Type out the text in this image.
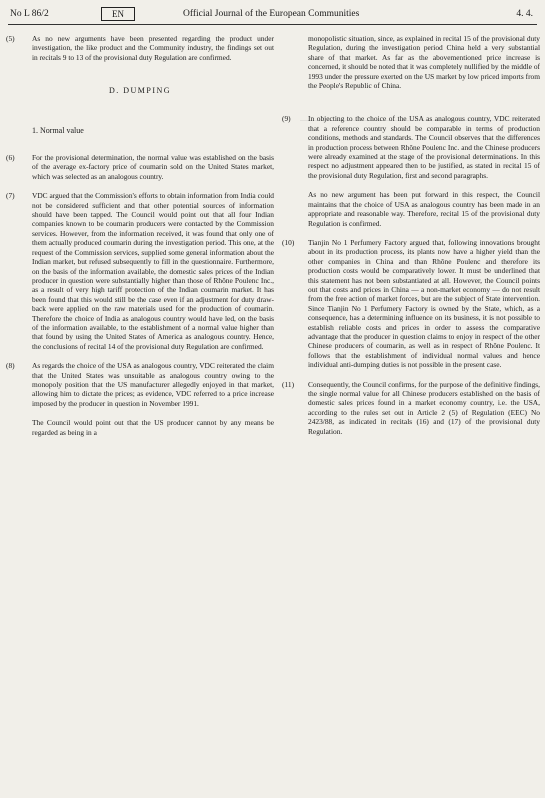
No L 86/2	EN	Official Journal of the European Communities	4. 4.
(5) As no new arguments have been presented regarding the product under investigation, the like product and the Community industry, the findings set out in recitals 9 to 13 of the provisional duty Regulation are confirmed.
D. DUMPING
1. Normal value
(6) For the provisional determination, the normal value was established on the basis of the average ex-factory price of coumarin sold on the United States market, which was selected as an analogous country.
(7) VDC argued that the Commission's efforts to obtain information from India could not be considered sufficient and that other potential sources of information should have been tapped. The Council would point out that all four Indian companies known to be coumarin producers were contacted by the Commission services. However, from the information received, it was found that only one of them actually produced coumarin during the investigation period. This one, at the request of the Commission services, supplied some general information about the Indian market, but refused subsequently to fill in the questionnaire. Furthermore, on the basis of the information available, the domestic sales prices of the Indian producer in question were substantially higher than those of Rhône Poulenc Inc., as a result of very high tariff protection of the Indian coumarin market. It has been found that this would still be the case even if an adjustment for duty draw-back were applied on the raw materials used for the production of coumarin. Therefore the choice of India as analogous country would have led, on the basis of the information available, to the establishment of a normal value higher than that found by using the United States of America as analogous country. Hence, the conclusions of recital 14 of the provisional duty Regulation are confirmed.
(8) As regards the choice of the USA as analogous country, VDC reiterated the claim that the United States was unsuitable as analogous country owing to the monopoly position that the US manufacturer allegedly enjoyed in that market, allowing him to dictate the prices; as evidence, VDC referred to a price increase imposed by the producer in question in November 1991.
The Council would point out that the US producer cannot by any means be regarded as being in a
monopolistic situation, since, as explained in recital 15 of the provisional duty Regulation, during the investigation period China held a very substantial share of that market. As far as the abovementioned price increase is concerned, it should be noted that it was completely nullified by the middle of 1993 under the pressure exerted on the US market by low priced imports from the People's Republic of China.
(9) In objecting to the choice of the USA as analogous country, VDC reiterated that a reference country should be comparable in terms of production conditions, methods and standards. The Council observes that the differences in production process between Rhône Poulenc Inc. and the Chinese producers were already examined at the stage of the provisional determinations. In this respect no adjustment appeared then to be justified, as stated in recital 15 of the provisional duty Regulation, first and second paragraphs.
As no new argument has been put forward in this respect, the Council maintains that the choice of USA as analogous country has been made in an appropriate and reasonable way. Therefore, recital 15 of the provisional duty Regulation is confirmed.
(10) Tianjin No 1 Perfumery Factory argued that, following innovations brought about in its production process, its plants now have a higher yield than the other companies in China and than Rhône Poulenc and therefore its production costs would be comparatively lower. It must be underlined that this statement has not been substantiated at all. However, the Council points out that costs and prices in China — a non-market economy — do not result from the free action of market forces, but are the subject of State intervention. Since Tianjin No 1 Perfumery Factory is owned by the State, which, as a consequence, has a determining influence on its business, it is not possible to establish reliable costs and prices in order to assess the comparative advantage that the producer in question claims to enjoy in respect of the other Chinese producers of coumarin, as well as in respect of Rhône Poulenc. It follows that the establishment of individual normal values and hence individual anti-dumping duties is not possible in the present case.
(11) Consequently, the Council confirms, for the purpose of the definitive findings, the single normal value for all Chinese producers established on the basis of domestic sales prices found in a market economy country, i.e. the USA, according to the rules set out in Article 2 (5) of Regulation (EEC) No 2423/88, as indicated in recitals (16) and (17) of the provisional duty Regulation.
